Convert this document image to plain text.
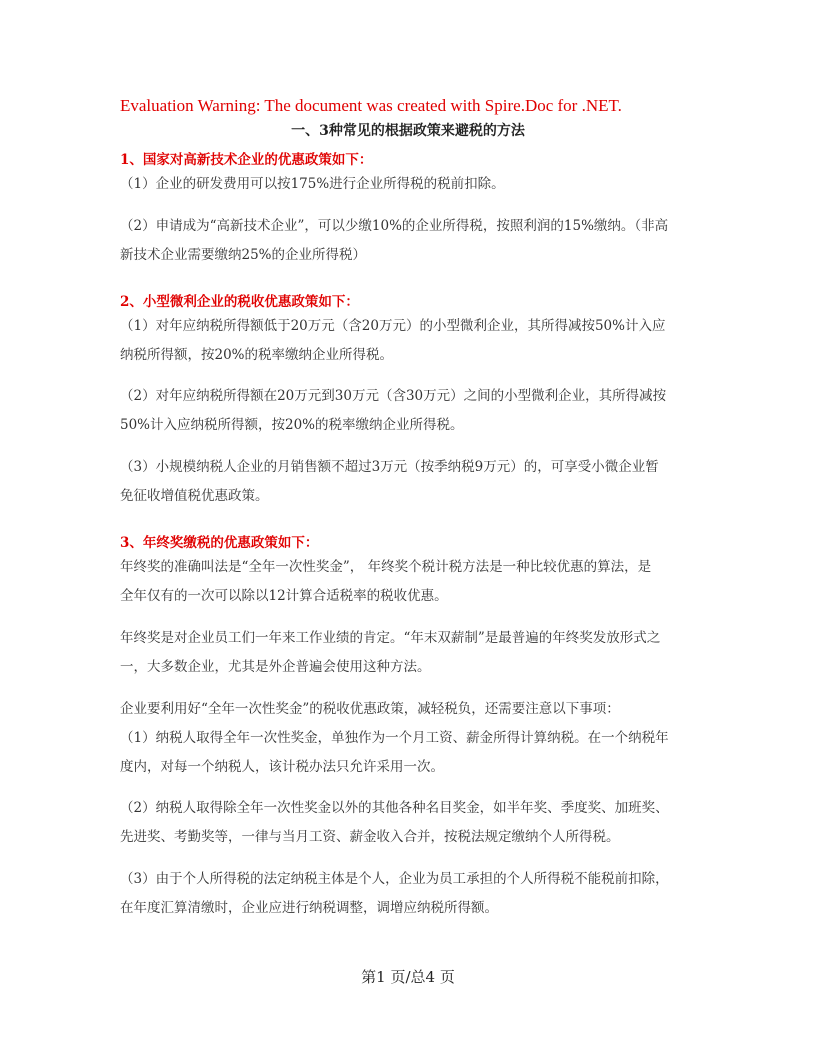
Evaluation Warning: The document was created with Spire.Doc for .NET.
一、3种常见的根据政策来避税的方法
1、国家对高新技术企业的优惠政策如下：
（1）企业的研发费用可以按175%进行企业所得税的税前扣除。
（2）申请成为“高新技术企业”，可以少缴10%的企业所得税，按照利润的15%缴纳。（非高
新技术企业需要缴纳25%的企业所得税）
2、小型微利企业的税收优惠政策如下：
（1）对年应纳税所得额低于20万元（含20万元）的小型微利企业，其所得减按50%计入应
纳税所得额，按20%的税率缴纳企业所得税。
（2）对年应纳税所得额在20万元到30万元（含30万元）之间的小型微利企业，其所得减按
50%计入应纳税所得额，按20%的税率缴纳企业所得税。
（3）小规模纳税人企业的月销售额不超过3万元（按季纳税9万元）的，可享受小微企业暂
免征收增值税优惠政策。
3、年终奖缴税的优惠政策如下：
年终奖的准确叫法是“全年一次性奖金”， 年终奖个税计税方法是一种比较优惠的算法，是
全年仅有的一次可以除以12计算合适税率的税收优惠。
年终奖是对企业员工们一年来工作业绩的肯定。“年末双薪制”是最普遍的年终奖发放形式之
一，大多数企业，尤其是外企普遍会使用这种方法。
企业要利用好“全年一次性奖金”的税收优惠政策，减轻税负，还需要注意以下事项：
（1）纳税人取得全年一次性奖金，单独作为一个月工资、薪金所得计算纳税。在一个纳税年
度内，对每一个纳税人，该计税办法只允许采用一次。
（2）纳税人取得除全年一次性奖金以外的其他各种名目奖金，如半年奖、季度奖、加班奖、
先进奖、考勤奖等，一律与当月工资、薪金收入合并，按税法规定缴纳个人所得税。
（3）由于个人所得税的法定纳税主体是个人，企业为员工承担的个人所得税不能税前扣除，
在年度汇算清缴时，企业应进行纳税调整，调增应纳税所得额。
第1 页/总4 页
